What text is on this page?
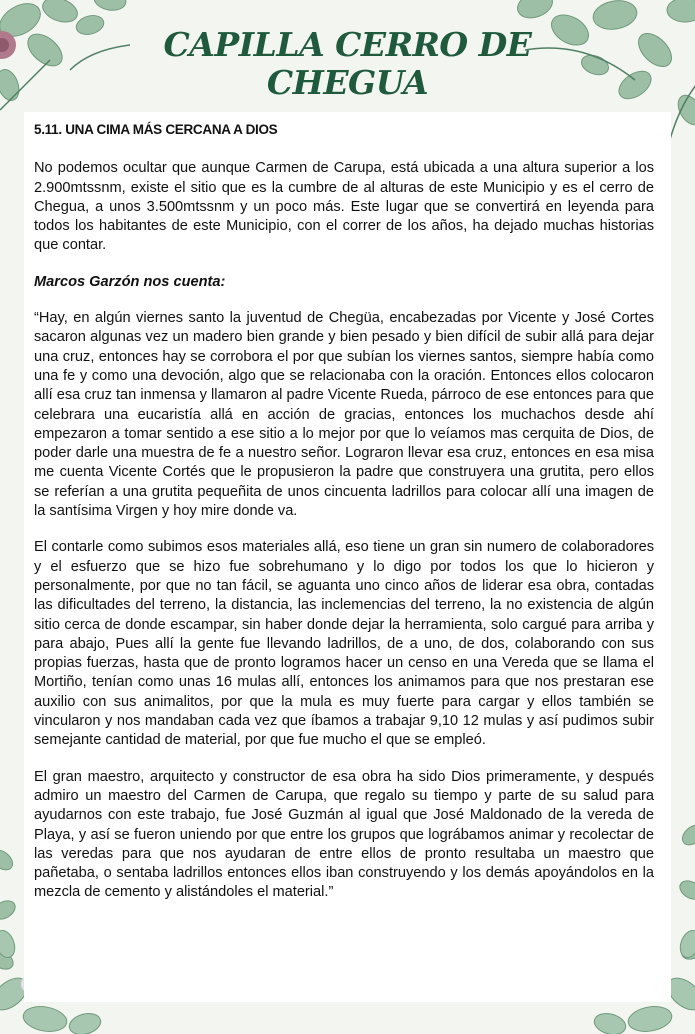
CAPILLA CERRO DE
CHEGUA
5.11. UNA CIMA MÁS CERCANA A DIOS

No podemos ocultar que aunque Carmen de Carupa, está ubicada a una altura superior a los 2.900mtssnm, existe el sitio que es la cumbre de al alturas de este Municipio y es el cerro de Chegua, a unos 3.500mtssnm y un poco más. Este lugar que se convertirá en leyenda para todos los habitantes de este Municipio, con el correr de los años, ha dejado muchas historias que contar.

Marcos Garzón nos cuenta:

“Hay, en algún viernes santo la juventud de Chegüa, encabezadas por Vicente y José Cortes sacaron algunas vez un madero bien grande y bien pesado y bien difícil de subir allá para dejar una cruz, entonces hay se corrobora el por que subían los viernes santos, siempre había como una fe y como una devoción, algo que se relacionaba con la oración. Entonces ellos colocaron allí esa cruz tan inmensa y llamaron al padre Vicente Rueda, párroco de ese entonces para que celebrara una eucaristía allá en acción de gracias, entonces los muchachos desde ahí empezaron a tomar sentido a ese sitio a lo mejor por que lo veíamos mas cerquita de Dios, de poder darle una muestra de fe a nuestro señor. Lograron llevar esa cruz, entonces en esa misa me cuenta Vicente Cortés que le propusieron la padre que construyera una grutita, pero ellos se referían a una grutita pequeñita de unos cincuenta ladrillos para colocar allí una imagen de la santísima Virgen y hoy mire donde va.

El contarle como subimos esos materiales allá, eso tiene un gran sin numero de colaboradores y el esfuerzo que se hizo fue sobrehumano y lo digo por todos los que lo hicieron y personalmente, por que no tan fácil, se aguanta uno cinco años de liderar esa obra, contadas las dificultades del terreno, la distancia, las inclemencias del terreno, la no existencia de algún sitio cerca de donde escampar, sin haber donde dejar la herramienta, solo cargué para arriba y para abajo, Pues allí la gente fue llevando ladrillos, de a uno, de dos, colaborando con sus propias fuerzas, hasta que de pronto logramos hacer un censo en una Vereda que se llama el Mortiño, tenían como unas 16 mulas allí, entonces los animamos para que nos prestaran ese auxilio con sus animalitos, por que la mula es muy fuerte para cargar y ellos también se vincularon y nos mandaban cada vez que íbamos a trabajar 9,10 12 mulas y así pudimos subir semejante cantidad de material, por que fue mucho el que se empleó.

El gran maestro, arquitecto y constructor de esa obra ha sido Dios primeramente, y después admiro un maestro del Carmen de Carupa, que regalo su tiempo y parte de su salud para ayudarnos con este trabajo, fue José Guzmán al igual que José Maldonado de la vereda de Playa, y así se fueron uniendo por que entre los grupos que lográbamos animar y recolectar de las veredas para que nos ayudaran de entre ellos de pronto resultaba un maestro que pañetaba, o sentaba ladrillos entonces ellos iban construyendo y los demás apoyándolos en la mezcla de cemento y alistándoles el material.”
